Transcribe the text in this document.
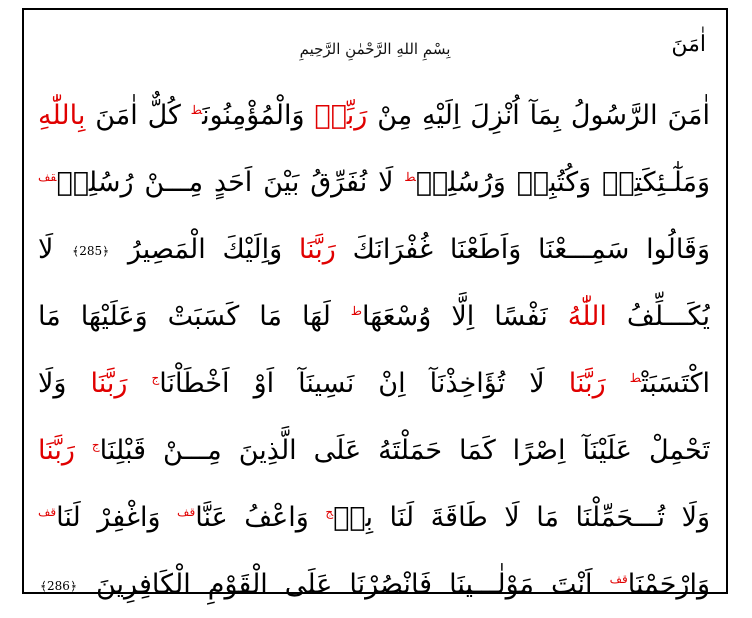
بِسْمِ اللهِ الرَّحْمٰنِ الرَّحِيمِ	اٰمَنَ
اٰمَنَ الرَّسُولُ بِمَآ اُنْزِلَ اِلَيْهِ مِنْ رَبِّهٖ وَالْمُؤْمِنُونَ$^ط$ كُلٌّ اٰمَنَ بِاللّٰهِ
وَمَلٰٓـئِكَتِهٖ وَكُتُبِهٖ وَرُسُلِهٖ$^ط$ لَا نُفَرِّقُ بَيْنَ اَحَدٍ مِـــنْ رُسُلِهٖ$^{قف}$
وَقَالُوا سَمِـــعْنَا وَاَطَعْنَا غُفْرَانَكَ رَبَّنَا وَاِلَيْكَ الْمَصِيرُ ﴿285﴾ لَا
يُكَـــلِّفُ اللّٰهُ نَفْسًا اِلَّا وُسْعَهَا$^ط$ لَهَا مَا كَسَبَتْ وَعَلَيْهَا مَا
اكْتَسَبَتْ$^ط$ رَبَّنَا لَا تُؤَاخِذْنَآ اِنْ نَسِينَآ اَوْ اَخْطَاْنَا$^ج$ رَبَّنَا وَلَا
تَحْمِلْ عَلَيْنَآ اِصْرًا كَمَا حَمَلْتَهُ عَلَى الَّذِينَ مِـــنْ قَبْلِنَا$^ج$ رَبَّنَا
وَلَا تُـــحَمِّلْنَا مَا لَا طَاقَةَ لَنَا بِهٖ$^ج$ وَاعْفُ عَنَّا$^{قف}$ وَاغْفِرْ لَنَا$^{قف}$
وَارْحَمْنَا$^{قف}$ اَنْتَ مَوْلٰـــينَا فَانْصُرْنَا عَلَى الْقَوْمِ الْكَافِرِينَ ﴿286﴾
